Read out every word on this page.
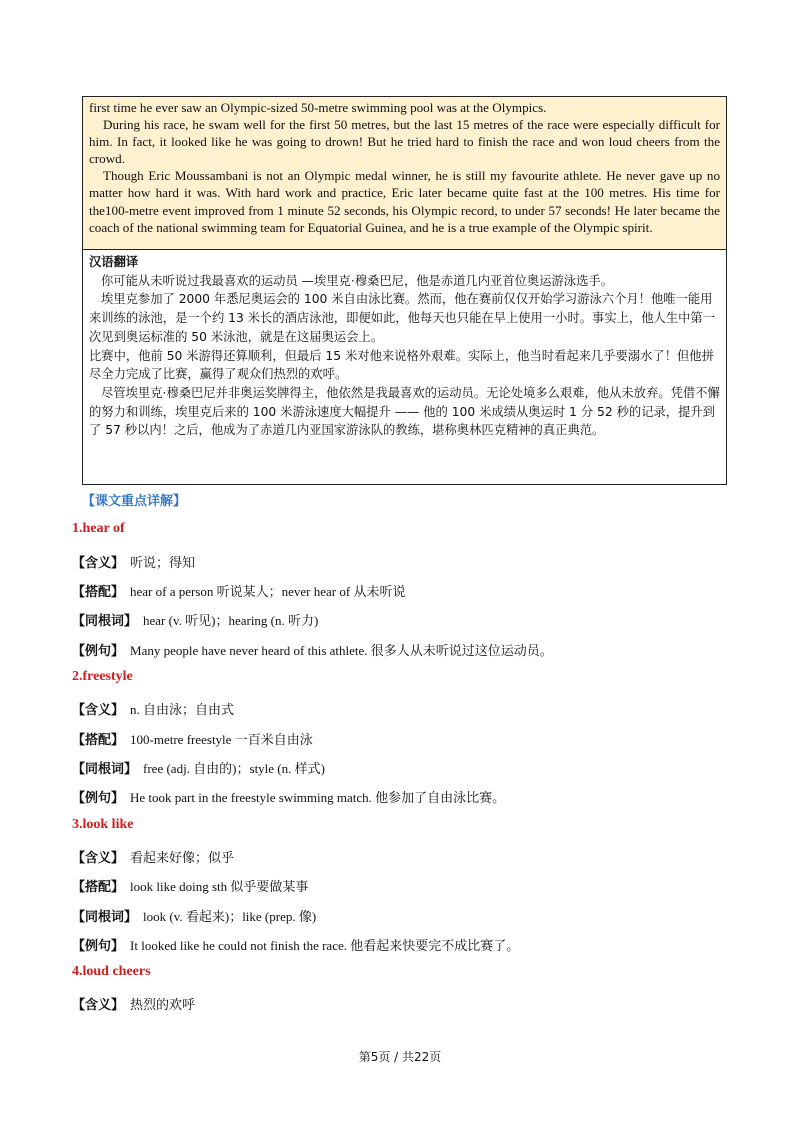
first time he ever saw an Olympic-sized 50-metre swimming pool was at the Olympics.

During his race, he swam well for the first 50 metres, but the last 15 metres of the race were especially difficult for him. In fact, it looked like he was going to drown! But he tried hard to finish the race and won loud cheers from the crowd.

Though Eric Moussambani is not an Olympic medal winner, he is still my favourite athlete. He never gave up no matter how hard it was. With hard work and practice, Eric later became quite fast at the 100 metres. His time for the100-metre event improved from 1 minute 52 seconds, his Olympic record, to under 57 seconds! He later became the coach of the national swimming team for Equatorial Guinea, and he is a true example of the Olympic spirit.

汉语翻译

你可能从未听说过我最喜欢的运动员 —埃里克·穆桑巴尼，他是赤道几内亚首位奥运游泳选手。

埃里克参加了 2000 年悉尼奥运会的 100 米自由泳比赛。然而，他在赛前仅仅开始学习游泳六个月！他唯一能用来训练的泳池，是一个约 13 米长的酒店泳池，即便如此，他每天也只能在早上使用一小时。事实上，他人生中第一次见到奥运标准的 50 米泳池，就是在这届奥运会上。

比赛中，他前 50 米游得还算顺利，但最后 15 米对他来说格外艰难。实际上，他当时看起来几乎要溺水了！但他拼尽全力完成了比赛，赢得了观众们热烈的欢呼。

尽管埃里克·穆桑巴尼并非奥运奖牌得主，他依然是我最喜欢的运动员。无论处境多么艰难，他从未放弃。凭借不懈的努力和训练，埃里克后来的 100 米游泳速度大幅提升 —— 他的 100 米成绩从奥运时 1 分 52 秒的记录，提升到了 57 秒以内！之后，他成为了赤道几内亚国家游泳队的教练，堪称奥林匹克精神的真正典范。

【课文重点详解】
1.hear of
【含义】 听说；得知
【搭配】 hear of a person 听说某人；never hear of 从未听说
【同根词】 hear (v. 听见)；hearing (n. 听力)
【例句】 Many people have never heard of this athlete. 很多人从未听说过这位运动员。
2.freestyle
【含义】 n. 自由泳；自由式
【搭配】 100-metre freestyle 一百米自由泳
【同根词】 free (adj. 自由的)；style (n. 样式)
【例句】 He took part in the freestyle swimming match. 他参加了自由泳比赛。
3.look like
【含义】 看起来好像；似乎
【搭配】 look like doing sth 似乎要做某事
【同根词】 look (v. 看起来)；like (prep. 像)
【例句】 It looked like he could not finish the race. 他看起来快要完不成比赛了。
4.loud cheers
【含义】 热烈的欢呼
第5页 / 共22页
